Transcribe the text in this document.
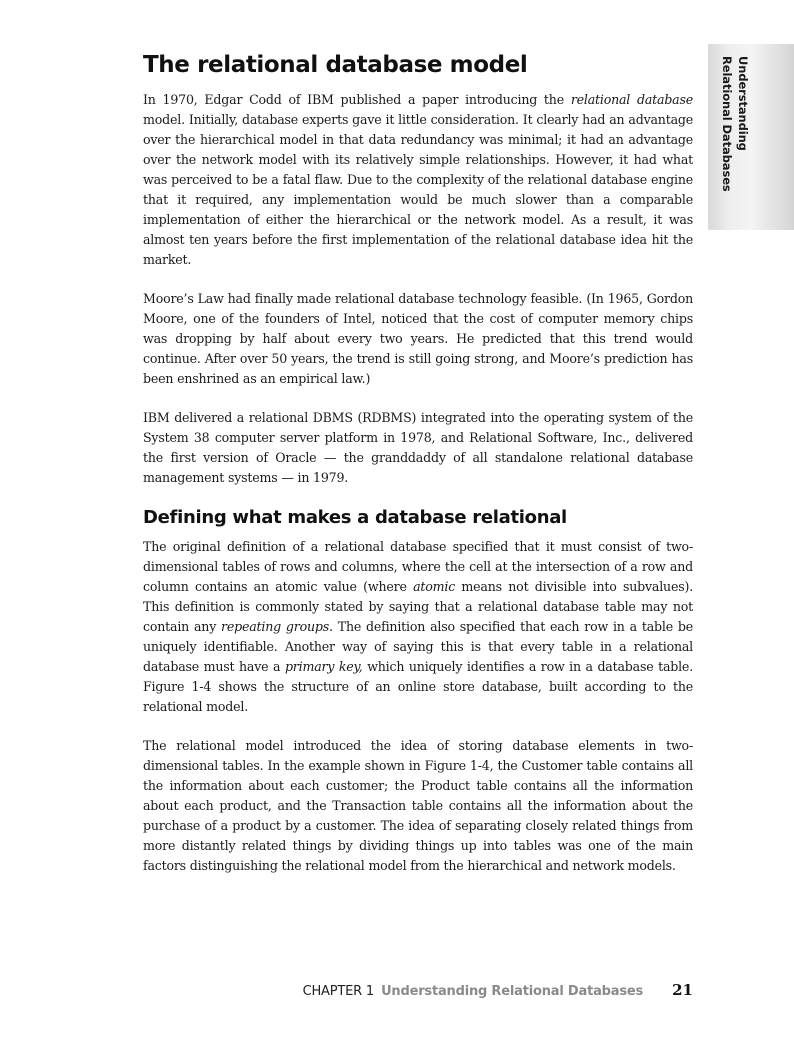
Understanding
Relational Databases
The relational database model

In 1970, Edgar Codd of IBM published a paper introducing the relational database model. Initially, database experts gave it little consideration. It clearly had an advantage over the hierarchical model in that data redundancy was minimal; it had an advantage over the network model with its relatively simple relationships. However, it had what was perceived to be a fatal flaw. Due to the complexity of the relational database engine that it required, any implementation would be much slower than a comparable implementation of either the hierarchical or the network model. As a result, it was almost ten years before the first implementation of the relational database idea hit the market.

Moore’s Law had finally made relational database technology feasible. (In 1965, Gordon Moore, one of the founders of Intel, noticed that the cost of computer memory chips was dropping by half about every two years. He predicted that this trend would continue. After over 50 years, the trend is still going strong, and Moore’s prediction has been enshrined as an empirical law.)

IBM delivered a relational DBMS (RDBMS) integrated into the operating system of the System 38 computer server platform in 1978, and Relational Software, Inc., delivered the first version of Oracle — the granddaddy of all standalone relational database management systems — in 1979.

Defining what makes a database relational

The original definition of a relational database specified that it must consist of two-dimensional tables of rows and columns, where the cell at the intersection of a row and column contains an atomic value (where atomic means not divisible into subvalues). This definition is commonly stated by saying that a relational database table may not contain any repeating groups. The definition also specified that each row in a table be uniquely identifiable. Another way of saying this is that every table in a relational database must have a primary key, which uniquely identifies a row in a database table. Figure 1-4 shows the structure of an online store database, built according to the relational model.

The relational model introduced the idea of storing database elements in two-dimensional tables. In the example shown in Figure 1-4, the Customer table contains all the information about each customer; the Product table contains all the information about each product, and the Transaction table contains all the information about the purchase of a product by a customer. The idea of separating closely related things from more distantly related things by dividing things up into tables was one of the main factors distinguishing the relational model from the hierarchical and network models.

CHAPTER 1 Understanding Relational Databases 21
